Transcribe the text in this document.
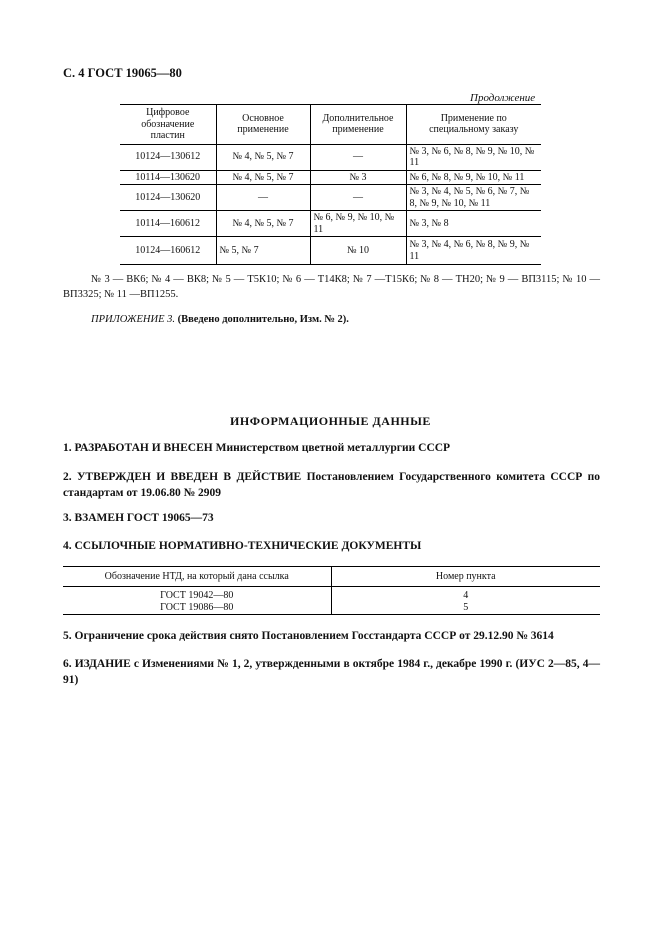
С. 4 ГОСТ 19065—80
Продолжение
Цифровое обозначение пластин	Основное применение	Дополнительное применение	Применение по специальному заказу
10124—130612	№ 4, № 5, № 7	—	№ 3, № 6, № 8, № 9, № 10, № 11
10114—130620	№ 4, № 5, № 7	№ 3	№ 6, № 8, № 9, № 10, № 11
10124—130620	—	—	№ 3, № 4, № 5, № 6, № 7, № 8, № 9, № 10, № 11
10114—160612	№ 4, № 5, № 7	№ 6, № 9, № 10, № 11	№ 3, № 8
10124—160612	№ 5, № 7	№ 10	№ 3, № 4, № 6, № 8, № 9, № 11
№ 3 — ВК6; № 4 — ВК8; № 5 — Т5К10; № 6 — Т14К8; № 7 —Т15К6; № 8 — ТН20; № 9 — ВП3115; № 10 — ВП3325; № 11 —ВП1255.
ПРИЛОЖЕНИЕ 3. (Введено дополнительно, Изм. № 2).
ИНФОРМАЦИОННЫЕ ДАННЫЕ
1. РАЗРАБОТАН И ВНЕСЕН Министерством цветной металлургии СССР
2. УТВЕРЖДЕН И ВВЕДЕН В ДЕЙСТВИЕ Постановлением Государственного комитета СССР по стандартам от 19.06.80 № 2909
3. ВЗАМЕН ГОСТ 19065—73
4. ССЫЛОЧНЫЕ НОРМАТИВНО-ТЕХНИЧЕСКИЕ ДОКУМЕНТЫ
Обозначение НТД, на который дана ссылка	Номер пункта
ГОСТ 19042—80	4
ГОСТ 19086—80	5
5. Ограничение срока действия снято Постановлением Госстандарта СССР от 29.12.90 № 3614
6. ИЗДАНИЕ с Изменениями № 1, 2, утвержденными в октябре 1984 г., декабре 1990 г. (ИУС 2—85, 4—91)
